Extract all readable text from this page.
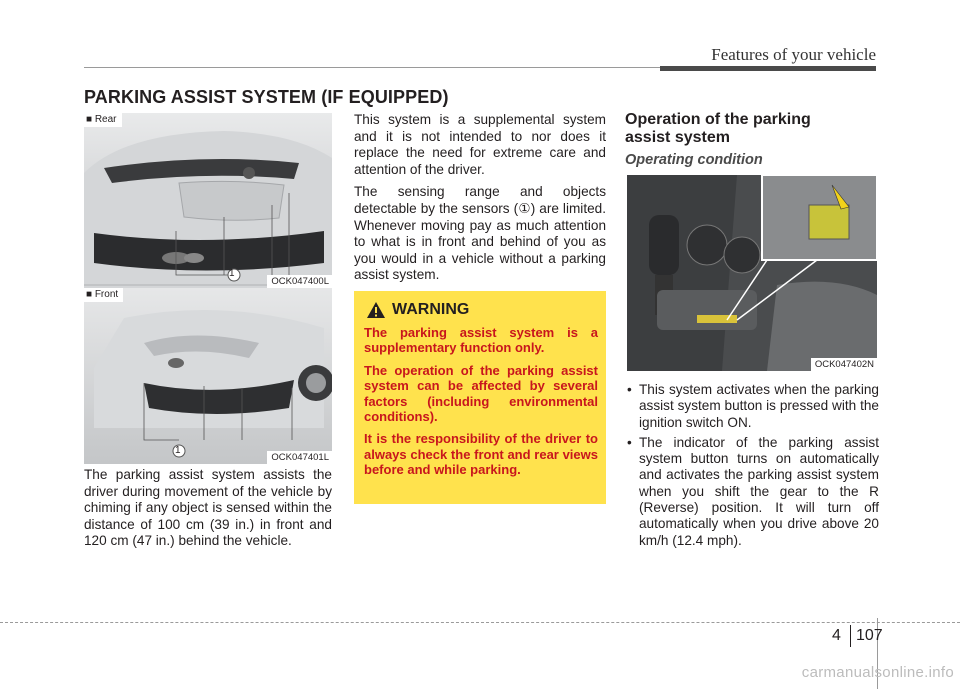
Features of your vehicle
PARKING ASSIST SYSTEM (IF EQUIPPED)
■ Rear
1
OCK047400L
■ Front
1
OCK047401L

The parking assist system assists the driver during movement of the vehicle by chiming if any object is sensed within the distance of 100 cm (39 in.) in front and 120 cm (47 in.) behind the vehicle.

This system is a supplemental system and it is not intended to nor does it replace the need for extreme care and attention of the driver.

The sensing range and objects detectable by the sensors (①) are limited. Whenever moving pay as much attention to what is in front and behind of you as you would in a vehicle without a parking assist system.

WARNING

The parking assist system is a supplementary function only.

The operation of the parking assist system can be affected by several factors (including environmental conditions).

It is the responsibility of the driver to always check the front and rear views before and while parking.

Operation of the parking assist system
Operating condition
OCK047402N
• This system activates when the parking assist system button is pressed with the ignition switch ON.
• The indicator of the parking assist system button turns on automatically and activates the parking assist system when you shift the gear to the R (Reverse) position. It will turn off automatically when you drive above 20 km/h (12.4 mph).
4 107
carmanualsonline.info
